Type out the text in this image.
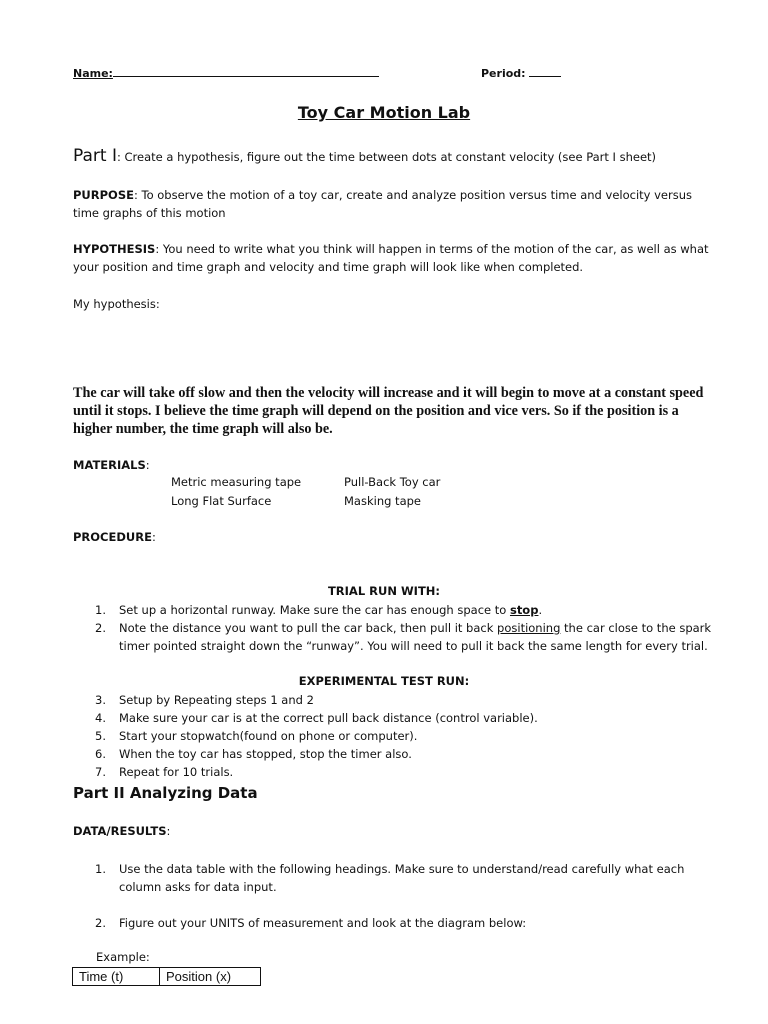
Name:	Period:
Toy Car Motion Lab
Part I: Create a hypothesis, figure out the time between dots at constant velocity (see Part I sheet)
PURPOSE: To observe the motion of a toy car, create and analyze position versus time and velocity versus time graphs of this motion
HYPOTHESIS: You need to write what you think will happen in terms of the motion of the car, as well as what your position and time graph and velocity and time graph will look like when completed.
My hypothesis:
The car will take off slow and then the velocity will increase and it will begin to move at a constant speed until it stops. I believe the time graph will depend on the position and vice vers. So if the position is a higher number, the time graph will also be.
MATERIALS:
Metric measuring tape	Pull-Back Toy car
Long Flat Surface	Masking tape
PROCEDURE:
TRIAL RUN WITH:
1. Set up a horizontal runway. Make sure the car has enough space to stop.
2. Note the distance you want to pull the car back, then pull it back positioning the car close to the spark timer pointed straight down the “runway”. You will need to pull it back the same length for every trial.
EXPERIMENTAL TEST RUN:
3. Setup by Repeating steps 1 and 2
4. Make sure your car is at the correct pull back distance (control variable).
5. Start your stopwatch(found on phone or computer).
6. When the toy car has stopped, stop the timer also.
7. Repeat for 10 trials.
Part II Analyzing Data
DATA/RESULTS:
1. Use the data table with the following headings. Make sure to understand/read carefully what each column asks for data input.
2. Figure out your UNITS of measurement and look at the diagram below:
Example:
Time (t)	Position (x)
